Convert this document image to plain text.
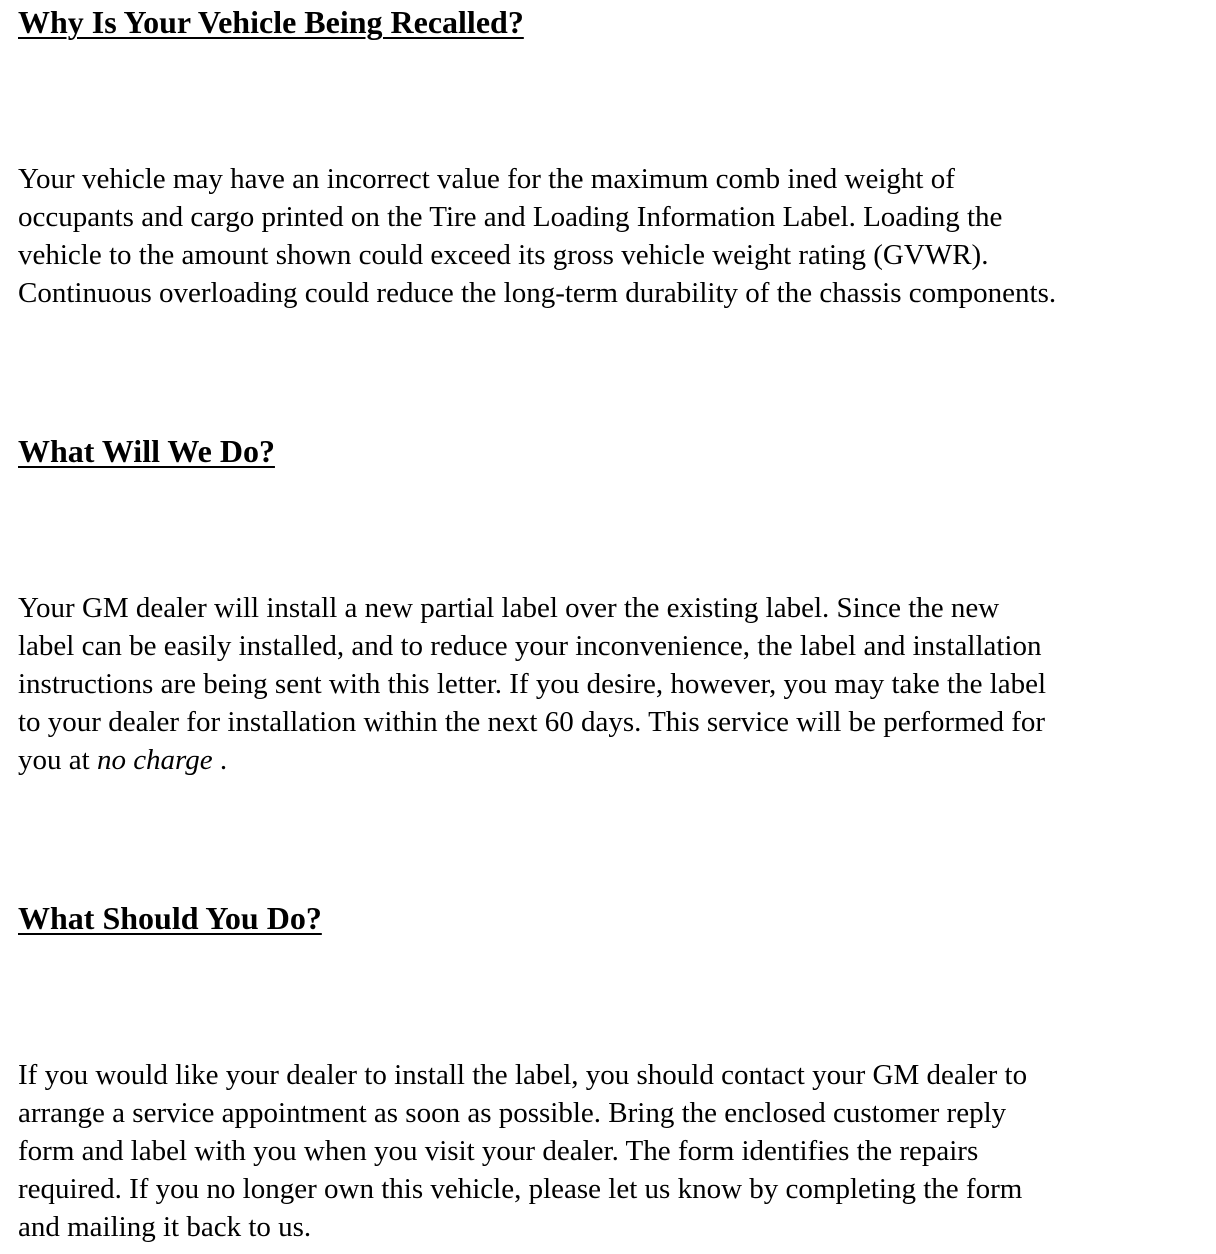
Why Is Your Vehicle Being Recalled?

Your vehicle may have an incorrect value for the maximum comb ined weight of
occupants and cargo printed on the Tire and Loading Information Label. Loading the
vehicle to the amount shown could exceed its gross vehicle weight rating (GVWR).
Continuous overloading could reduce the long-term durability of the chassis components.

What Will We Do?

Your GM dealer will install a new partial label over the existing label. Since the new
label can be easily installed, and to reduce your inconvenience, the label and installation
instructions are being sent with this letter. If you desire, however, you may take the label
to your dealer for installation within the next 60 days. This service will be performed for
you at no charge .

What Should You Do?

If you would like your dealer to install the label, you should contact your GM dealer to
arrange a service appointment as soon as possible. Bring the enclosed customer reply
form and label with you when you visit your dealer. The form identifies the repairs
required. If you no longer own this vehicle, please let us know by completing the form
and mailing it back to us.
